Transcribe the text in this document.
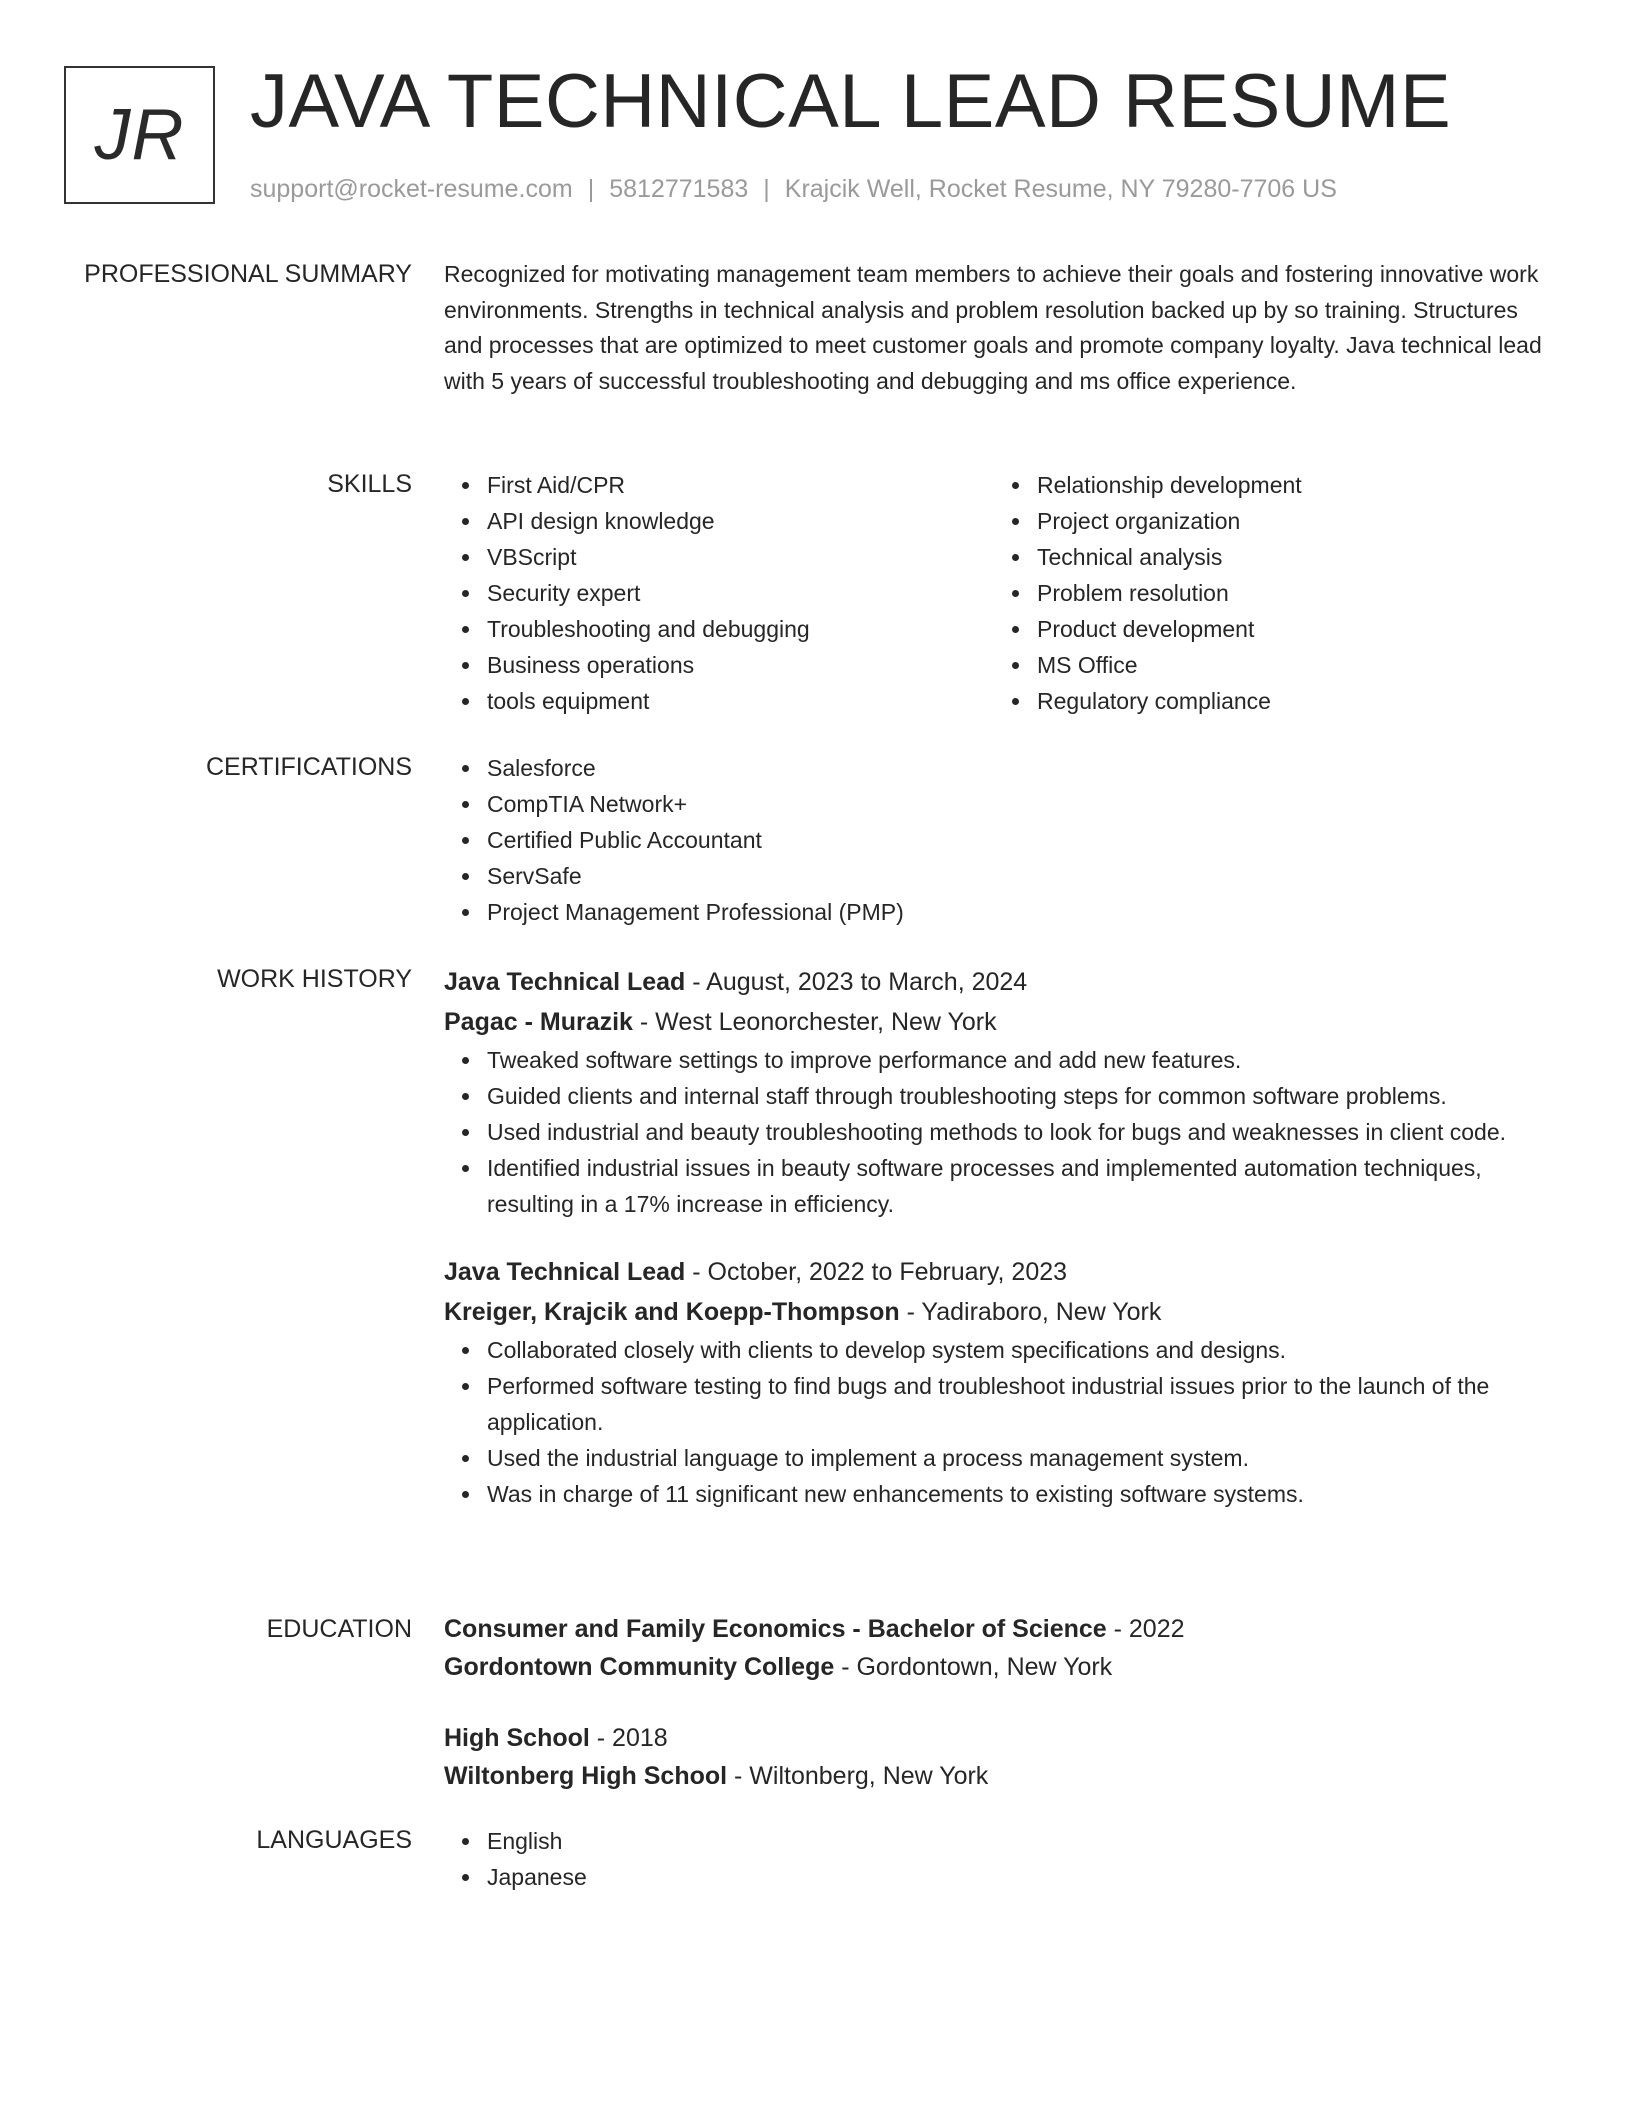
JR JAVA TECHNICAL LEAD RESUME
support@rocket-resume.com | 5812771583 | Krajcik Well, Rocket Resume, NY 79280-7706 US
PROFESSIONAL SUMMARY Recognized for motivating management team members to achieve their goals and fostering innovative work environments. Strengths in technical analysis and problem resolution backed up by so training. Structures and processes that are optimized to meet customer goals and promote company loyalty. Java technical lead with 5 years of successful troubleshooting and debugging and ms office experience.

SKILLS	First Aid/CPR
API design knowledge
VBScript
Security expert
Troubleshooting and debugging
Business operations
tools equipment
Relationship development
Project organization
Technical analysis
Problem resolution
Product development
MS Office
Regulatory compliance
CERTIFICATIONS	Salesforce
CompTIA Network+
Certified Public Accountant
ServSafe
Project Management Professional (PMP)
WORK HISTORY Java Technical Lead - August, 2023 to March, 2024
Pagac - Murazik - West Leonorchester, New York
Tweaked software settings to improve performance and add new features.
Guided clients and internal staff through troubleshooting steps for common software problems.
Used industrial and beauty troubleshooting methods to look for bugs and weaknesses in client code.
Identified industrial issues in beauty software processes and implemented automation techniques, resulting in a 17% increase in efficiency.
Java Technical Lead - October, 2022 to February, 2023
Kreiger, Krajcik and Koepp-Thompson - Yadiraboro, New York
Collaborated closely with clients to develop system specifications and designs.
Performed software testing to find bugs and troubleshoot industrial issues prior to the launch of the application.
Used the industrial language to implement a process management system.
Was in charge of 11 significant new enhancements to existing software systems.
EDUCATION Consumer and Family Economics - Bachelor of Science - 2022
Gordontown Community College - Gordontown, New York
High School - 2018
Wiltonberg High School - Wiltonberg, New York
LANGUAGES	English
Japanese
